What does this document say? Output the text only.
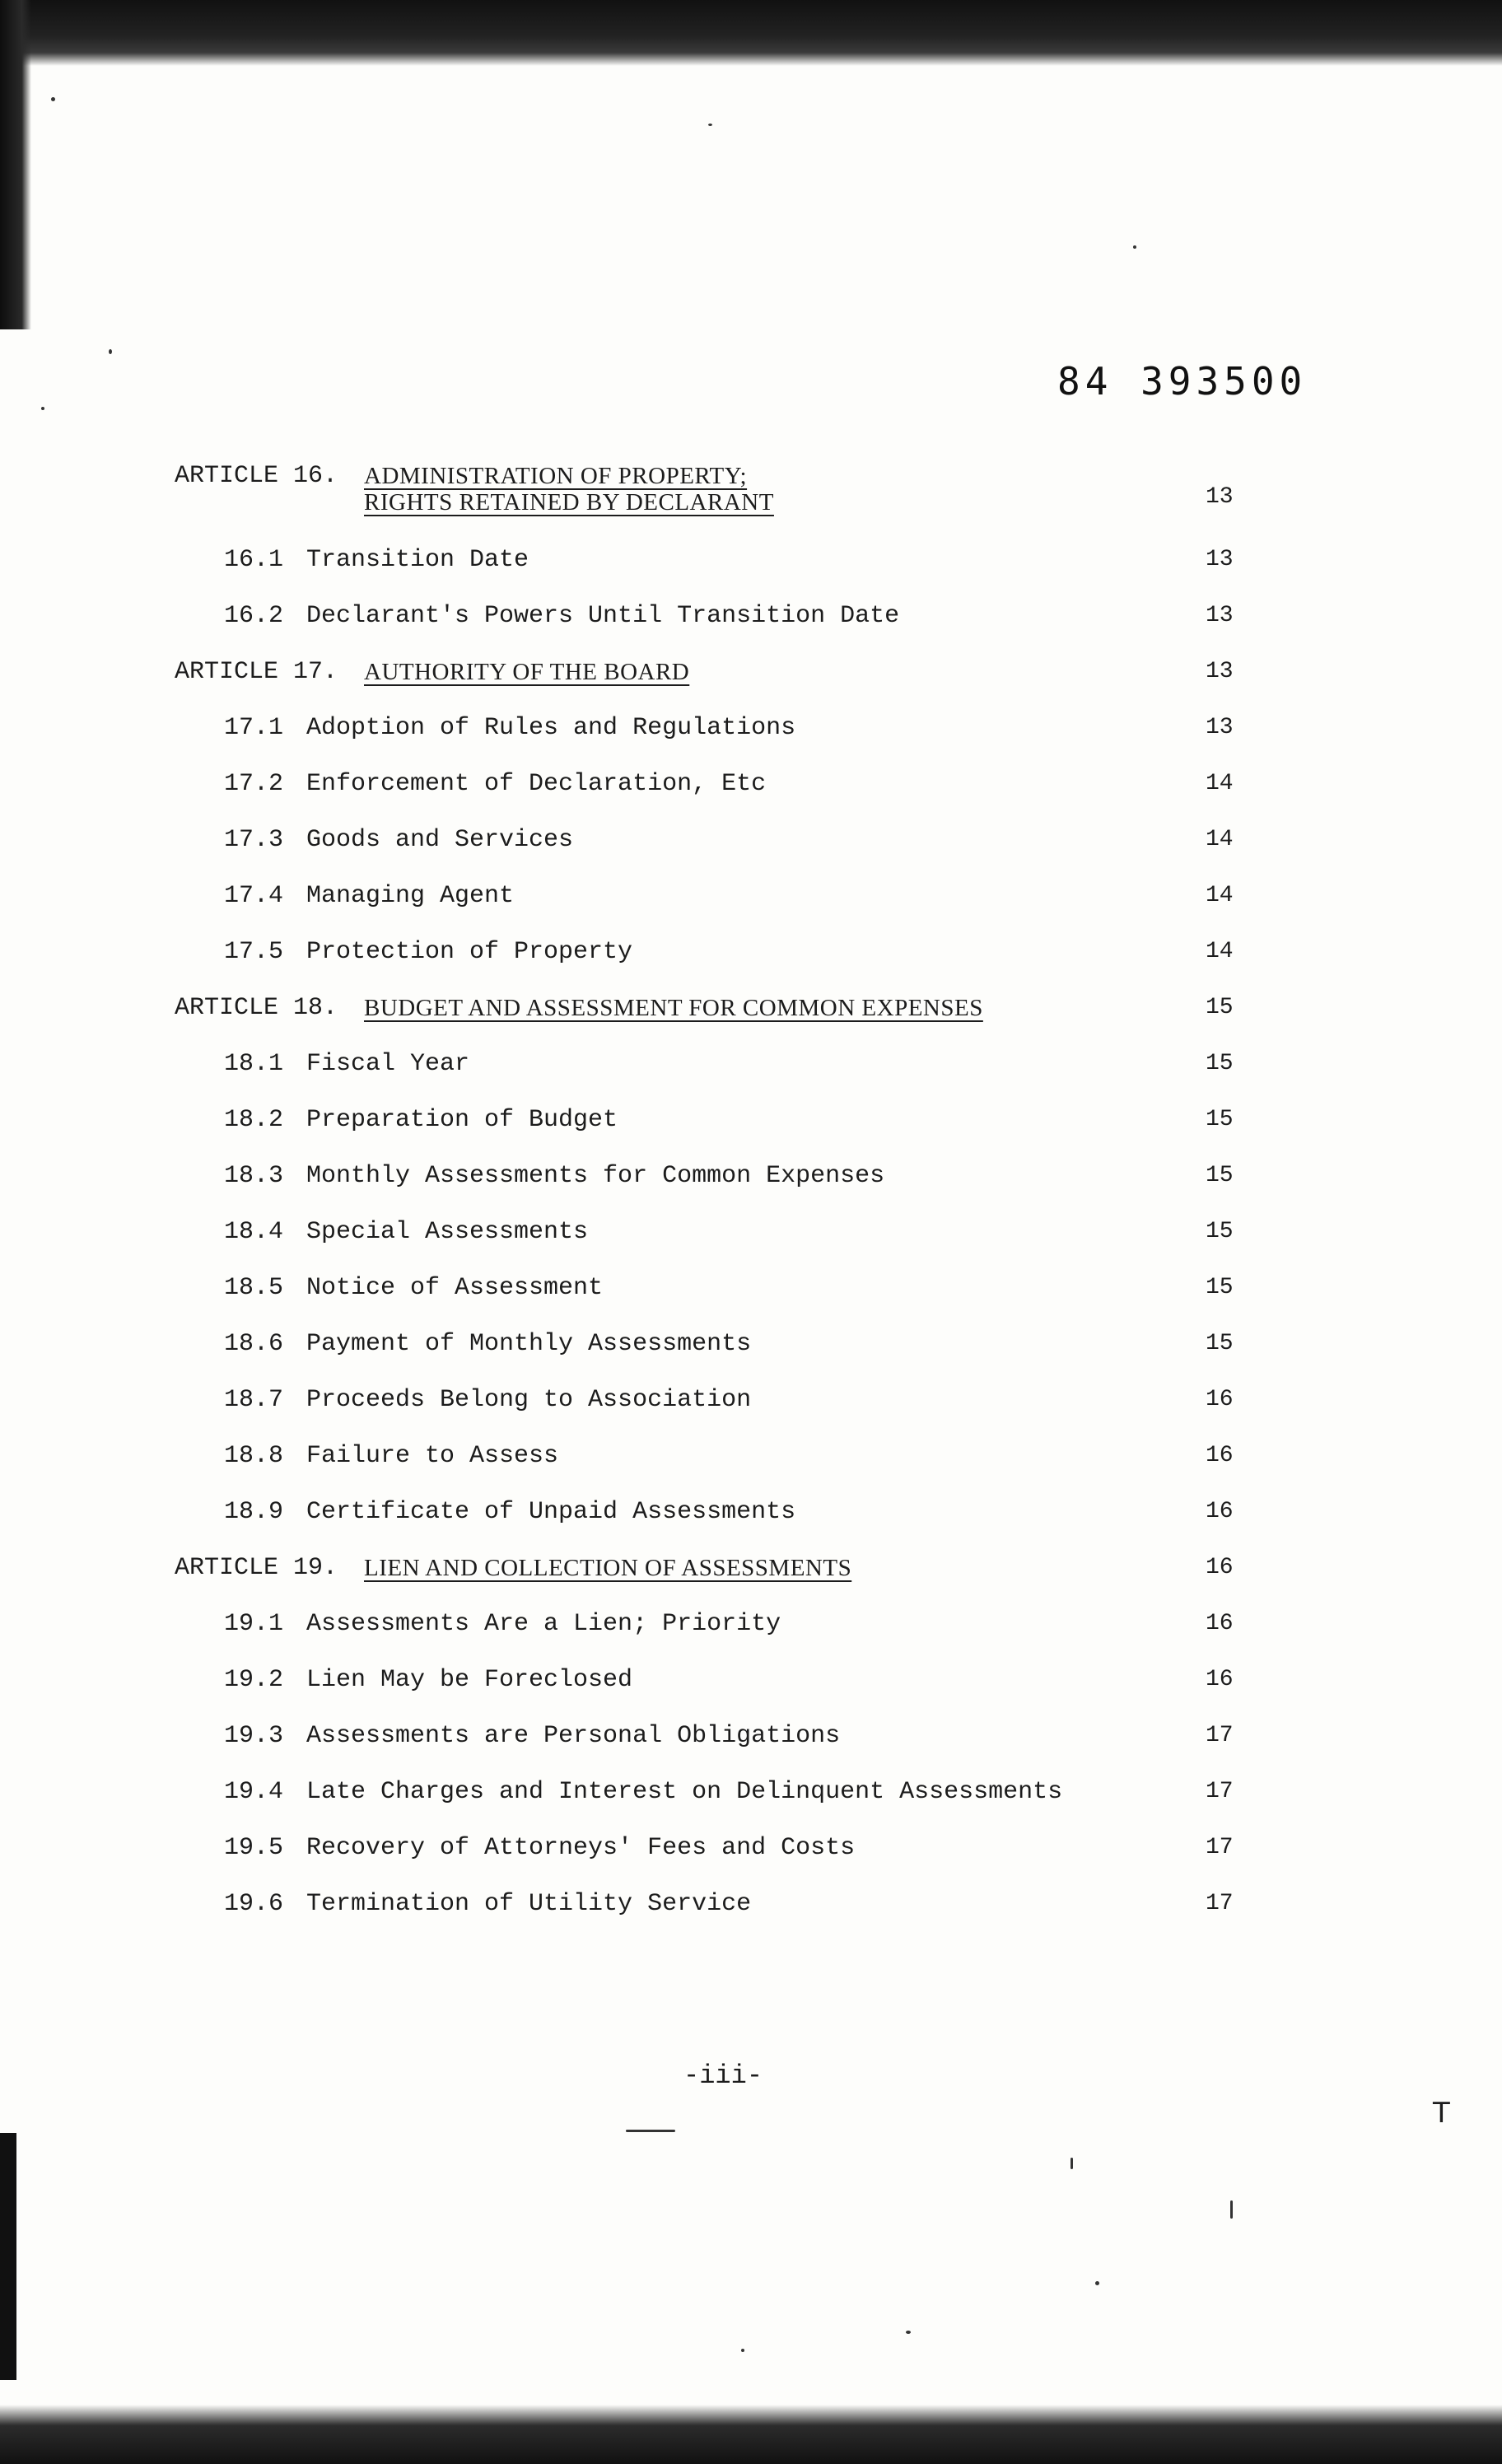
84 393500
ARTICLE 16. ADMINISTRATION OF PROPERTY;
RIGHTS RETAINED BY DECLARANT	13
16.1 Transition Date	13
16.2 Declarant's Powers Until Transition Date	13
ARTICLE 17. AUTHORITY OF THE BOARD	13
17.1 Adoption of Rules and Regulations	13
17.2 Enforcement of Declaration, Etc	14
17.3 Goods and Services	14
17.4 Managing Agent	14
17.5 Protection of Property	14
ARTICLE 18. BUDGET AND ASSESSMENT FOR COMMON EXPENSES	15
18.1 Fiscal Year	15
18.2 Preparation of Budget	15
18.3 Monthly Assessments for Common Expenses	15
18.4 Special Assessments	15
18.5 Notice of Assessment	15
18.6 Payment of Monthly Assessments	15
18.7 Proceeds Belong to Association	16
18.8 Failure to Assess	16
18.9 Certificate of Unpaid Assessments	16
ARTICLE 19. LIEN AND COLLECTION OF ASSESSMENTS	16
19.1 Assessments Are a Lien; Priority	16
19.2 Lien May be Foreclosed	16
19.3 Assessments are Personal Obligations	17
19.4 Late Charges and Interest on Delinquent Assessments	17
19.5 Recovery of Attorneys' Fees and Costs	17
19.6 Termination of Utility Service	17
-iii-
T
